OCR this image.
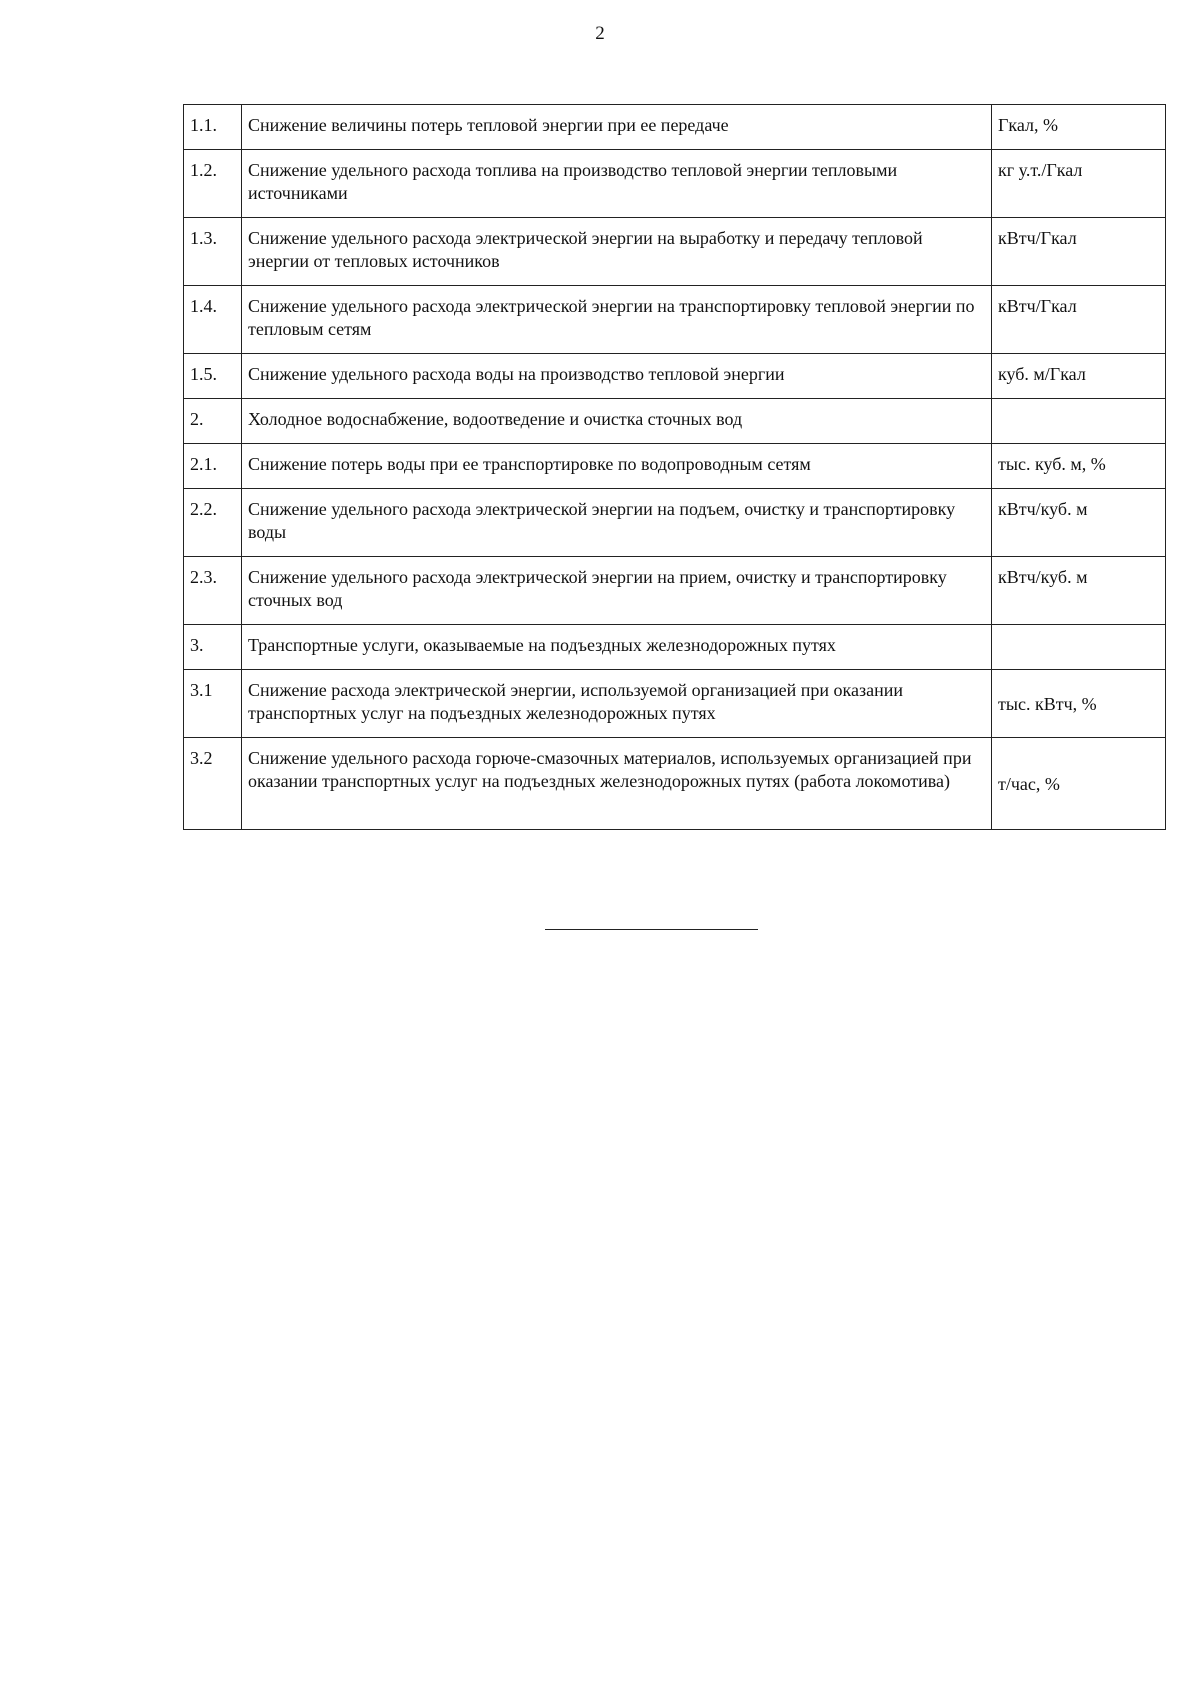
2
1.1.	Снижение величины потерь тепловой энергии при ее передаче	Гкал, %
1.2.	Снижение удельного расхода топлива на производство тепловой энергии тепловыми источниками	кг у.т./Гкал
1.3.	Снижение удельного расхода электрической энергии на выработку и передачу тепловой энергии от тепловых источников	кВтч/Гкал
1.4.	Снижение удельного расхода электрической энергии на транспортировку тепловой энергии по тепловым сетям	кВтч/Гкал
1.5.	Снижение удельного расхода воды на производство тепловой энергии	куб. м/Гкал
2.	Холодное водоснабжение, водоотведение и очистка сточных вод	
2.1.	Снижение потерь воды при ее транспортировке по водопроводным сетям	тыс. куб. м, %
2.2.	Снижение удельного расхода электрической энергии на подъем, очистку и транспортировку воды	кВтч/куб. м
2.3.	Снижение удельного расхода электрической энергии на прием, очистку и транспортировку сточных вод	кВтч/куб. м
3.	Транспортные услуги, оказываемые на подъездных железнодорожных путях	
3.1	Снижение расхода электрической энергии, используемой организацией при оказании транспортных услуг на подъездных железнодорожных путях	тыс. кВтч, %
3.2	Снижение удельного расхода горюче-смазочных материалов, используемых организацией при оказании транспортных услуг на подъездных железнодорожных путях (работа локомотива)	т/час, %
